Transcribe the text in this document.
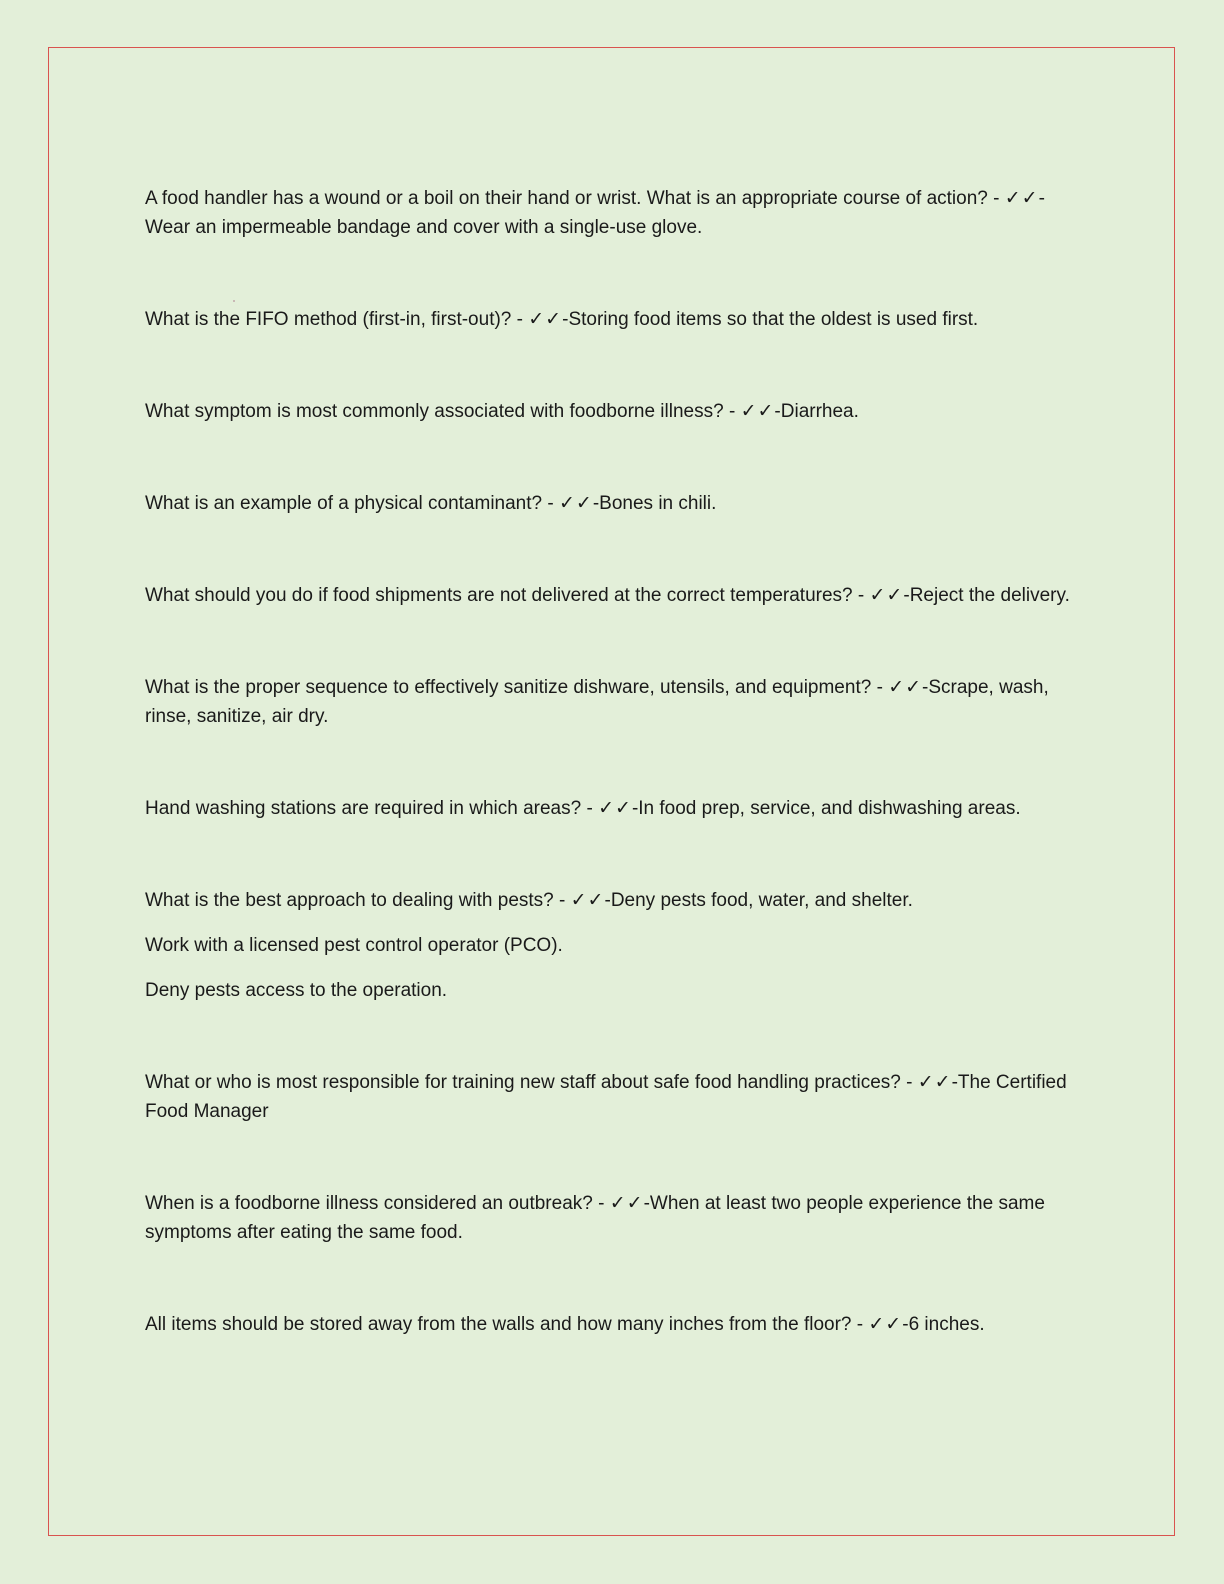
A food handler has a wound or a boil on their hand or wrist. What is an appropriate course of action? - ✓✓-Wear an impermeable bandage and cover with a single-use glove.
What is the FIFO method (first-in, first-out)? - ✓✓-Storing food items so that the oldest is used first.
What symptom is most commonly associated with foodborne illness? - ✓✓-Diarrhea.
What is an example of a physical contaminant? - ✓✓-Bones in chili.
What should you do if food shipments are not delivered at the correct temperatures? - ✓✓-Reject the delivery.
What is the proper sequence to effectively sanitize dishware, utensils, and equipment? - ✓✓-Scrape, wash, rinse, sanitize, air dry.
Hand washing stations are required in which areas? - ✓✓-In food prep, service, and dishwashing areas.
What is the best approach to dealing with pests? - ✓✓-Deny pests food, water, and shelter.
Work with a licensed pest control operator (PCO).
Deny pests access to the operation.
What or who is most responsible for training new staff about safe food handling practices? - ✓✓-The Certified Food Manager
When is a foodborne illness considered an outbreak? - ✓✓-When at least two people experience the same symptoms after eating the same food.
All items should be stored away from the walls and how many inches from the floor? - ✓✓-6 inches.
